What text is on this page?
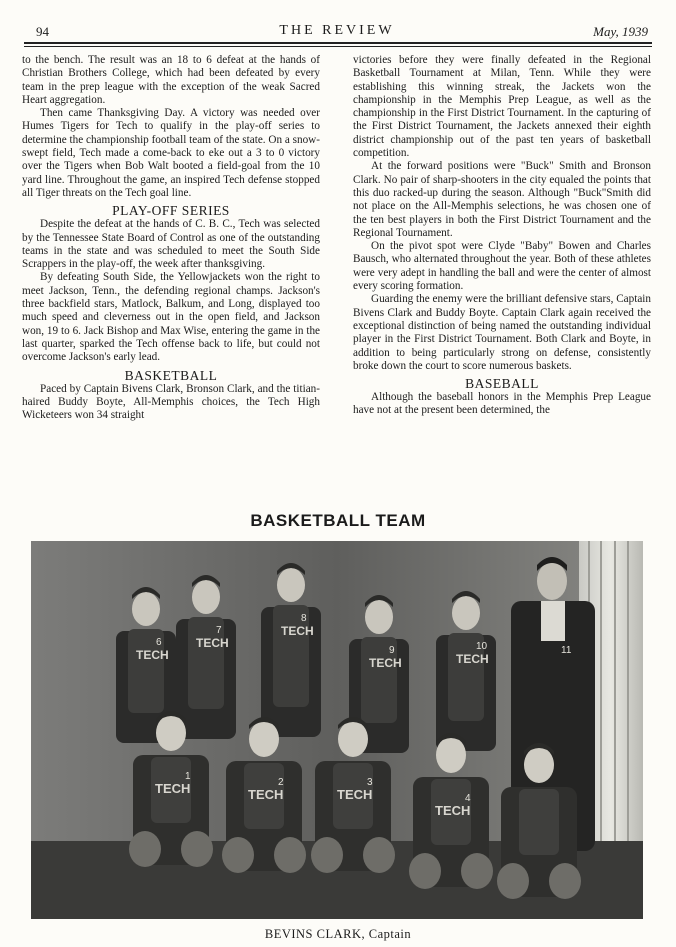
94	THE REVIEW	May, 1939

to the bench. The result was an 18 to 6 defeat at the hands of Christian Brothers College, which had been defeated by every team in the prep league with the exception of the weak Sacred Heart aggregation.

Then came Thanksgiving Day. A victory was needed over Humes Tigers for Tech to qualify in the play-off series to determine the championship football team of the state. On a snow-swept field, Tech made a come-back to eke out a 3 to 0 victory over the Tigers when Bob Walt booted a field-goal from the 10 yard line. Throughout the game, an inspired Tech defense stopped all Tiger threats on the Tech goal line.

PLAY-OFF SERIES

Despite the defeat at the hands of C. B. C., Tech was selected by the Tennessee State Board of Control as one of the outstanding teams in the state and was scheduled to meet the South Side Scrappers in the play-off, the week after thanksgiving.

By defeating South Side, the Yellowjackets won the right to meet Jackson, Tenn., the defending regional champs. Jackson's three backfield stars, Matlock, Balkum, and Long, displayed too much speed and cleverness out in the open field, and Jackson won, 19 to 6. Jack Bishop and Max Wise, entering the game in the last quarter, sparked the Tech offense back to life, but could not overcome Jackson's early lead.

BASKETBALL

Paced by Captain Bivens Clark, Bronson Clark, and the titian-haired Buddy Boyte, All-Memphis choices, the Tech High Wicketeers won 34 straight

victories before they were finally defeated in the Regional Basketball Tournament at Milan, Tenn. While they were establishing this winning streak, the Jackets won the championship in the Memphis Prep League, as well as the championship in the First District Tournament. In the capturing of the First District Tournament, the Jackets annexed their eighth district championship out of the past ten years of basketball competition.

At the forward positions were "Buck" Smith and Bronson Clark. No pair of sharp-shooters in the city equaled the points that this duo racked-up during the season. Although "Buck"Smith did not place on the All-Memphis selections, he was chosen one of the ten best players in both the First District Tournament and the Regional Tournament.

On the pivot spot were Clyde "Baby" Bowen and Charles Bausch, who alternated throughout the year. Both of these athletes were very adept in handling the ball and were the center of almost every scoring formation.

Guarding the enemy were the brilliant defensive stars, Captain Bivens Clark and Buddy Boyte. Captain Clark again received the exceptional distinction of being named the outstanding individual player in the First District Tournament. Both Clark and Boyte, in addition to being particularly strong on defense, consistently broke down the court to score numerous baskets.

BASEBALL

Although the baseball honors in the Memphis Prep League have not at the present been determined, the

BASKETBALL TEAM
TECH
6	TECH
7	TECH
8
TECH
9
TECH
10	11
TECH
1
TECH
2
TECH
3
TECH
4
BEVINS CLARK, Captain
